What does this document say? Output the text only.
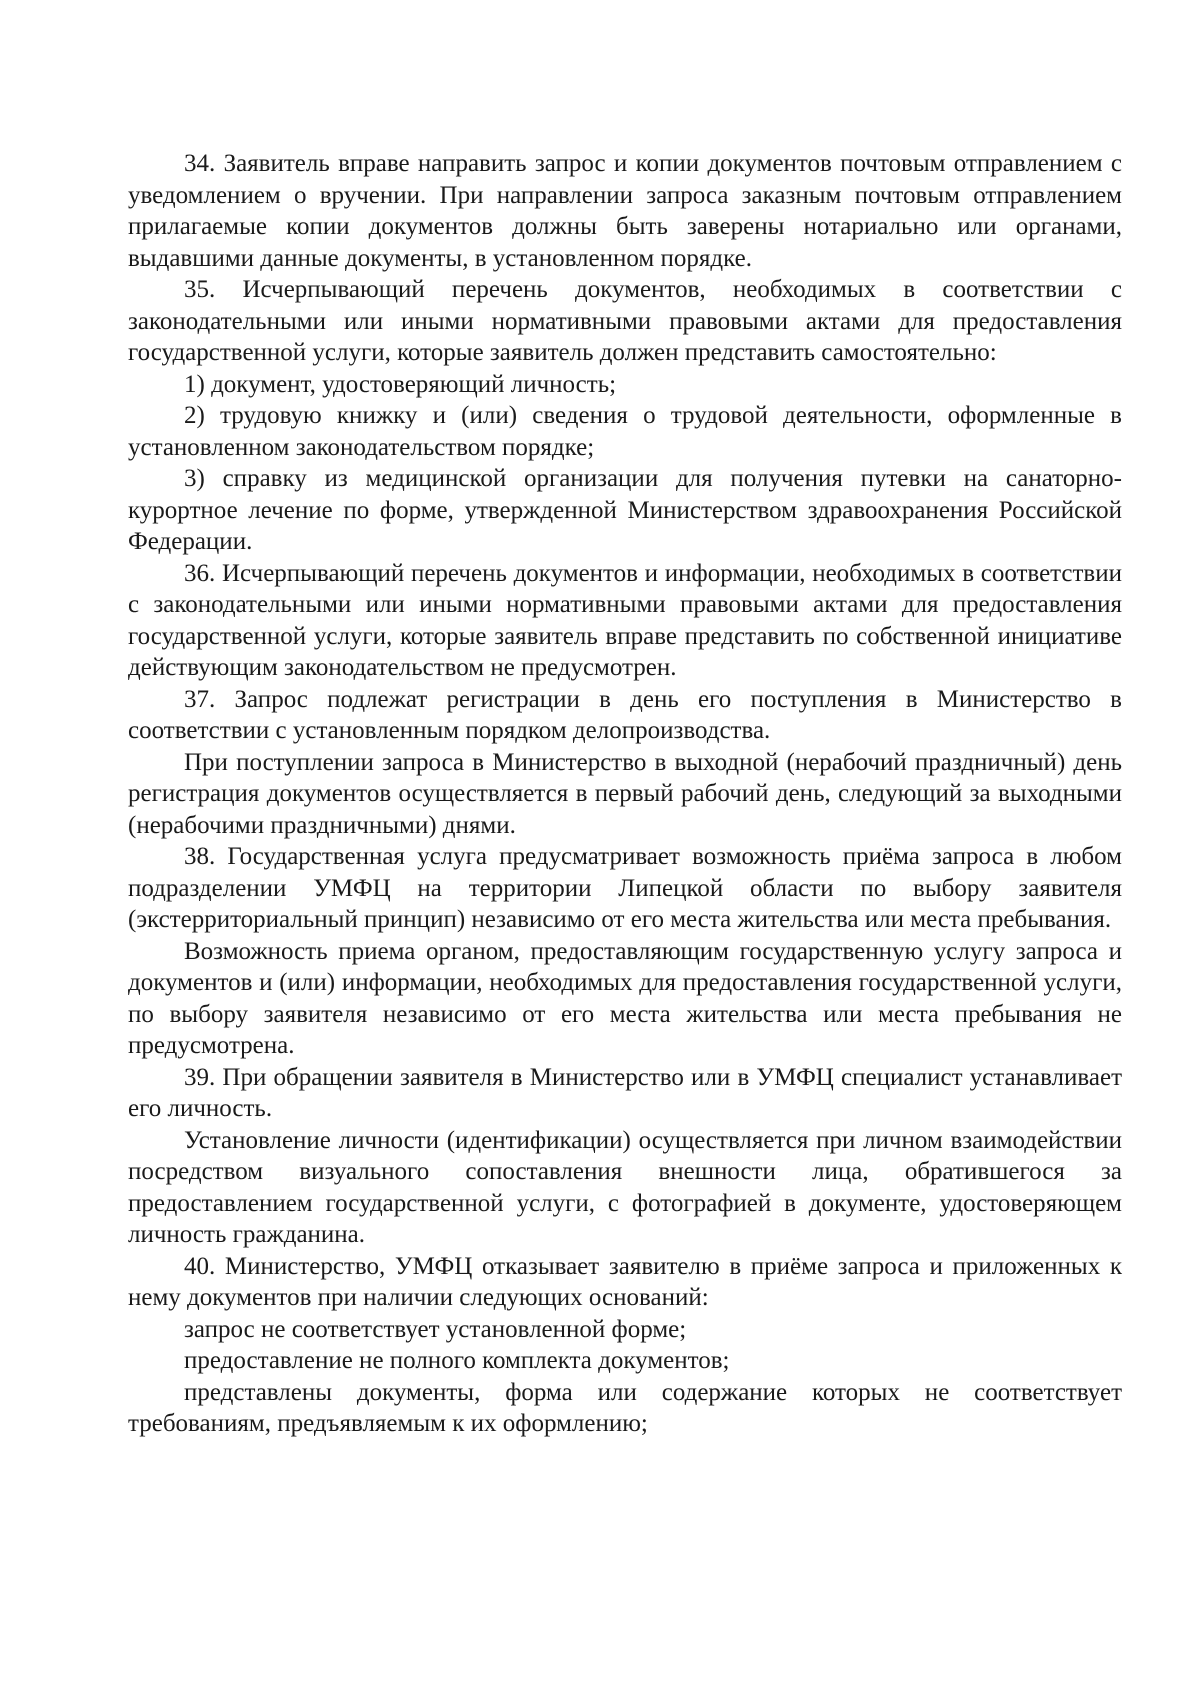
34. Заявитель вправе направить запрос и копии документов почтовым отправлением с уведомлением о вручении. При направлении запроса заказным почтовым отправлением прилагаемые копии документов должны быть заверены нотариально или органами, выдавшими данные документы, в установленном порядке.

35. Исчерпывающий перечень документов, необходимых в соответствии с законодательными или иными нормативными правовыми актами для предоставления государственной услуги, которые заявитель должен представить самостоятельно:

1) документ, удостоверяющий личность;

2) трудовую книжку и (или) сведения о трудовой деятельности, оформленные в установленном законодательством порядке;

3) справку из медицинской организации для получения путевки на санаторно-курортное лечение по форме, утвержденной Министерством здравоохранения Российской Федерации.

36. Исчерпывающий перечень документов и информации, необходимых в соответствии с законодательными или иными нормативными правовыми актами для предоставления государственной услуги, которые заявитель вправе представить по собственной инициативе действующим законодательством не предусмотрен.

37. Запрос подлежат регистрации в день его поступления в Министерство в соответствии с установленным порядком делопроизводства.

При поступлении запроса в Министерство в выходной (нерабочий праздничный) день регистрация документов осуществляется в первый рабочий день, следующий за выходными (нерабочими праздничными) днями.

38. Государственная услуга предусматривает возможность приёма запроса в любом подразделении УМФЦ на территории Липецкой области по выбору заявителя (экстерриториальный принцип) независимо от его места жительства или места пребывания.

Возможность приема органом, предоставляющим государственную услугу запроса и документов и (или) информации, необходимых для предоставления государственной услуги, по выбору заявителя независимо от его места жительства или места пребывания не предусмотрена.

39. При обращении заявителя в Министерство или в УМФЦ специалист устанавливает его личность.

Установление личности (идентификации) осуществляется при личном взаимодействии посредством визуального сопоставления внешности лица, обратившегося за предоставлением государственной услуги, с фотографией в документе, удостоверяющем личность гражданина.

40. Министерство, УМФЦ отказывает заявителю в приёме запроса и приложенных к нему документов при наличии следующих оснований:

запрос не соответствует установленной форме;

предоставление не полного комплекта документов;

представлены документы, форма или содержание которых не соответствует требованиям, предъявляемым к их оформлению;
